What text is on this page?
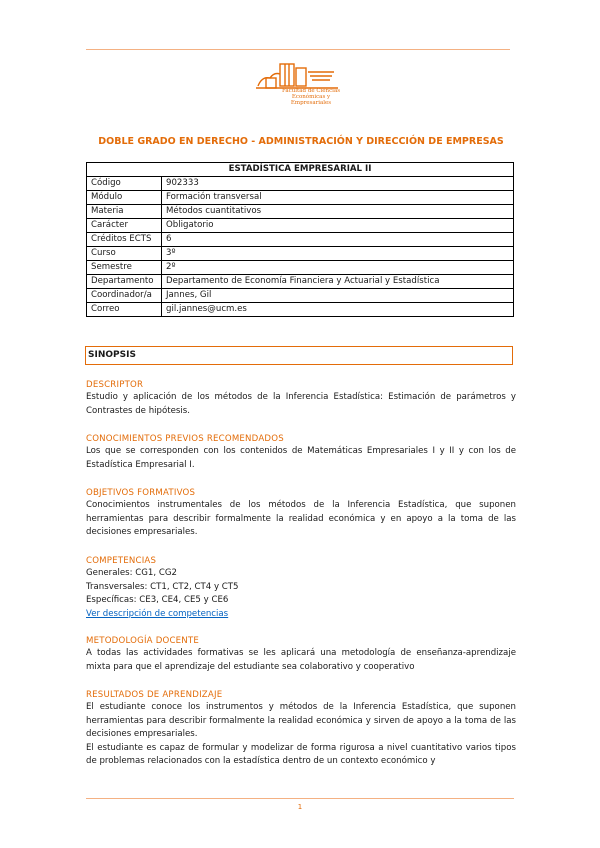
Facultad de Ciencias Económicas y Empresariales
DOBLE GRADO EN DERECHO - ADMINISTRACIÓN Y DIRECCIÓN DE EMPRESAS
ESTADÍSTICA EMPRESARIAL II	
Código	902333
Módulo	Formación transversal
Materia	Métodos cuantitativos
Carácter	Obligatorio
Créditos ECTS	6
Curso	3º
Semestre	2º
Departamento	Departamento de Economía Financiera y Actuarial y Estadística
Coordinador/a	Jannes, Gil
Correo	gil.jannes@ucm.es
SINOPSIS
DESCRIPTOR
Estudio y aplicación de los métodos de la Inferencia Estadística: Estimación de parámetros y Contrastes de hipótesis.
CONOCIMIENTOS PREVIOS RECOMENDADOS
Los que se corresponden con los contenidos de Matemáticas Empresariales I y II y con los de Estadística Empresarial I.
OBJETIVOS FORMATIVOS
Conocimientos instrumentales de los métodos de la Inferencia Estadística, que suponen herramientas para describir formalmente la realidad económica y en apoyo a la toma de las decisiones empresariales.
COMPETENCIAS
Generales: CG1, CG2
Transversales: CT1, CT2, CT4 y CT5
Específicas: CE3, CE4, CE5 y CE6
Ver descripción de competencias
METODOLOGÍA DOCENTE
A todas las actividades formativas se les aplicará una metodología de enseñanza-aprendizaje mixta para que el aprendizaje del estudiante sea colaborativo y cooperativo
RESULTADOS DE APRENDIZAJE
El estudiante conoce los instrumentos y métodos de la Inferencia Estadística, que suponen herramientas para describir formalmente la realidad económica y sirven de apoyo a la toma de las decisiones empresariales.
El estudiante es capaz de formular y modelizar de forma rigurosa a nivel cuantitativo varios tipos de problemas relacionados con la estadística dentro de un contexto económico y
1
